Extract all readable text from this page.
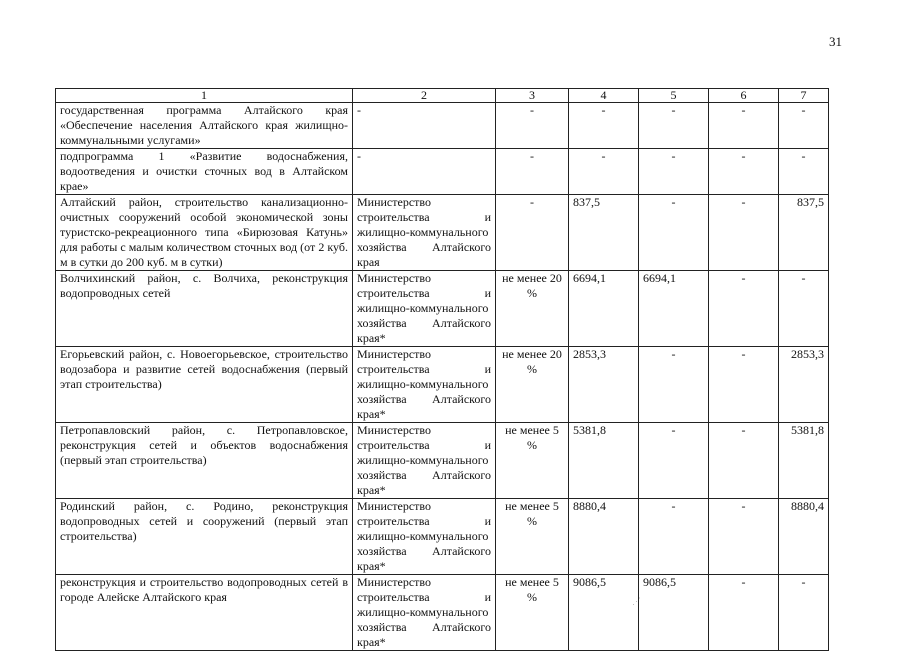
31
1	2	3	4	5	6	7
государственная программа Алтайского края «Обеспечение населения Алтайского края жилищно-коммунальными услугами»	-	-	-	-	-	-
подпрограмма 1 «Развитие водоснабжения, водоотведения и очистки сточных вод в Алтайском крае»	-	-	-	-	-	-
Алтайский район, строительство канализационно-очистных сооружений особой экономической зоны туристско-рекреационного типа «Бирюзовая Катунь» для работы с малым количеством сточных вод (от 2 куб. м в сутки до 200 куб. м в сутки)	Министерство строительства и жилищно-коммунального хозяйства Алтайского края	-	837,5	-	-	837,5
Волчихинский район, с. Волчиха, реконструкция водопроводных сетей	Министерство строительства и жилищно-коммунального хозяйства Алтайского края*	не менее 20 %	6694,1	6694,1	-	-
Егорьевский район, с. Новоегорьевское, строительство водозабора и развитие сетей водоснабжения (первый этап строительства)	Министерство строительства и жилищно-коммунального хозяйства Алтайского края*	не менее 20 %	2853,3	-	-	2853,3
Петропавловский район, с. Петропавловское, реконструкция сетей и объектов водоснабжения (первый этап строительства)	Министерство строительства и жилищно-коммунального хозяйства Алтайского края*	не менее 5 %	5381,8	-	-	5381,8
Родинский район, с. Родино, реконструкция водопроводных сетей и сооружений (первый этап строительства)	Министерство строительства и жилищно-коммунального хозяйства Алтайского края*	не менее 5 %	8880,4	-	-	8880,4
реконструкция и строительство водопроводных сетей в городе Алейске Алтайского края	Министерство строительства и жилищно-коммунального хозяйства Алтайского края*	не менее 5 %	9086,5	9086,5	-	-
⋰
